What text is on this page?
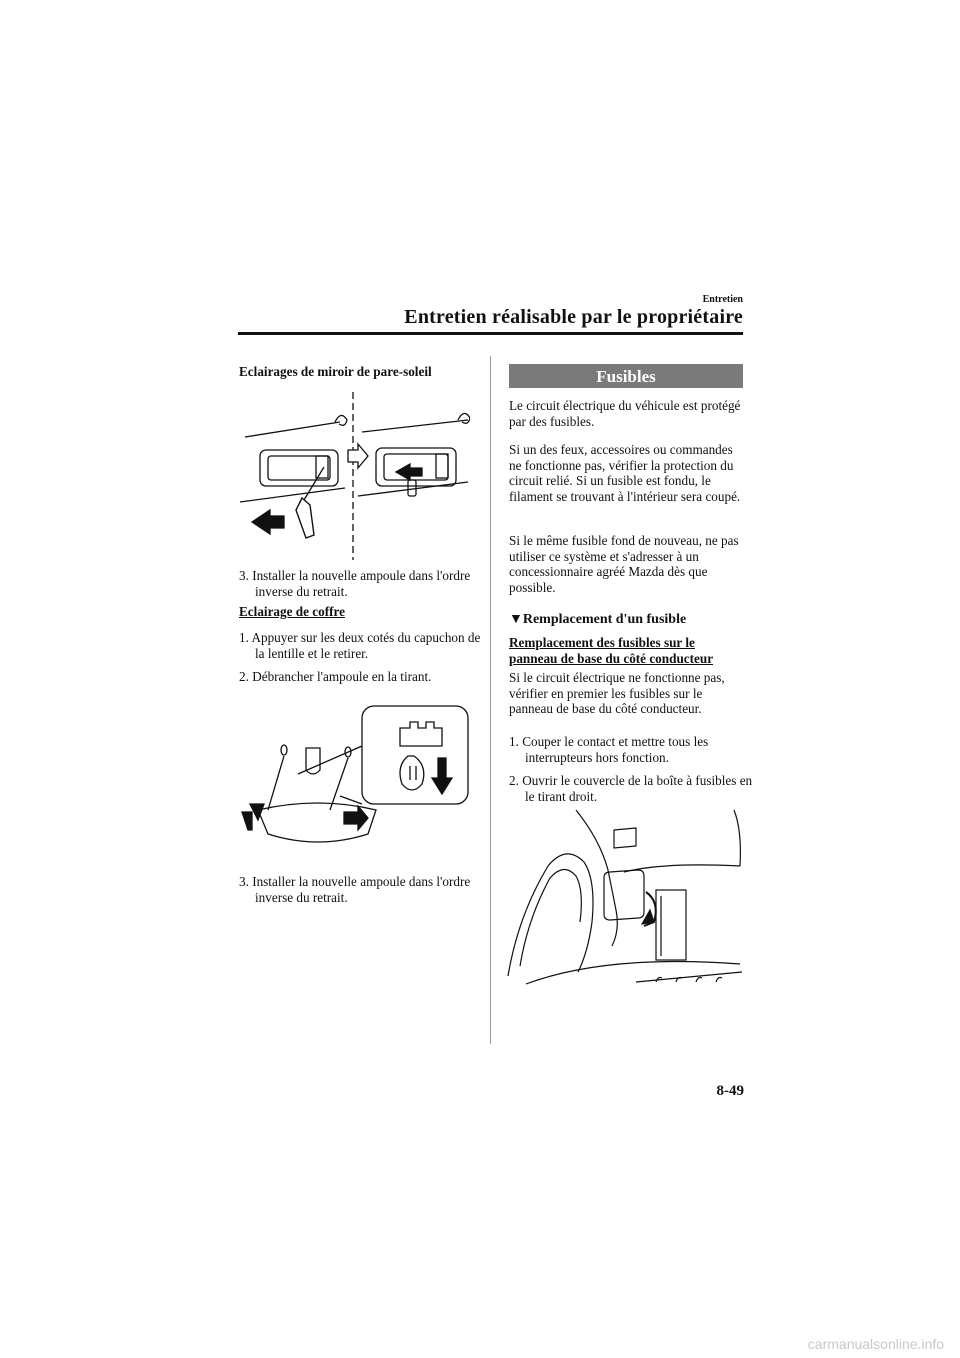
Entretien
Entretien réalisable par le propriétaire

Eclairages de miroir de pare-soleil

3. Installer la nouvelle ampoule dans l'ordre inverse du retrait.

Eclairage de coffre

1. Appuyer sur les deux cotés du capuchon de la lentille et le retirer.

2. Débrancher l'ampoule en la tirant.

3. Installer la nouvelle ampoule dans l'ordre inverse du retrait.

Fusibles

Le circuit électrique du véhicule est protégé par des fusibles.

Si un des feux, accessoires ou commandes ne fonctionne pas, vérifier la protection du circuit relié. Si un fusible est fondu, le filament se trouvant à l'intérieur sera coupé.

Si le même fusible fond de nouveau, ne pas utiliser ce système et s'adresser à un concessionnaire agréé Mazda dès que possible.

▼Remplacement d'un fusible

Remplacement des fusibles sur le panneau de base du côté conducteur

Si le circuit électrique ne fonctionne pas, vérifier en premier les fusibles sur le panneau de base du côté conducteur.

1. Couper le contact et mettre tous les interrupteurs hors fonction.

2. Ouvrir le couvercle de la boîte à fusibles en le tirant droit.

8-49
carmanualsonline.info
